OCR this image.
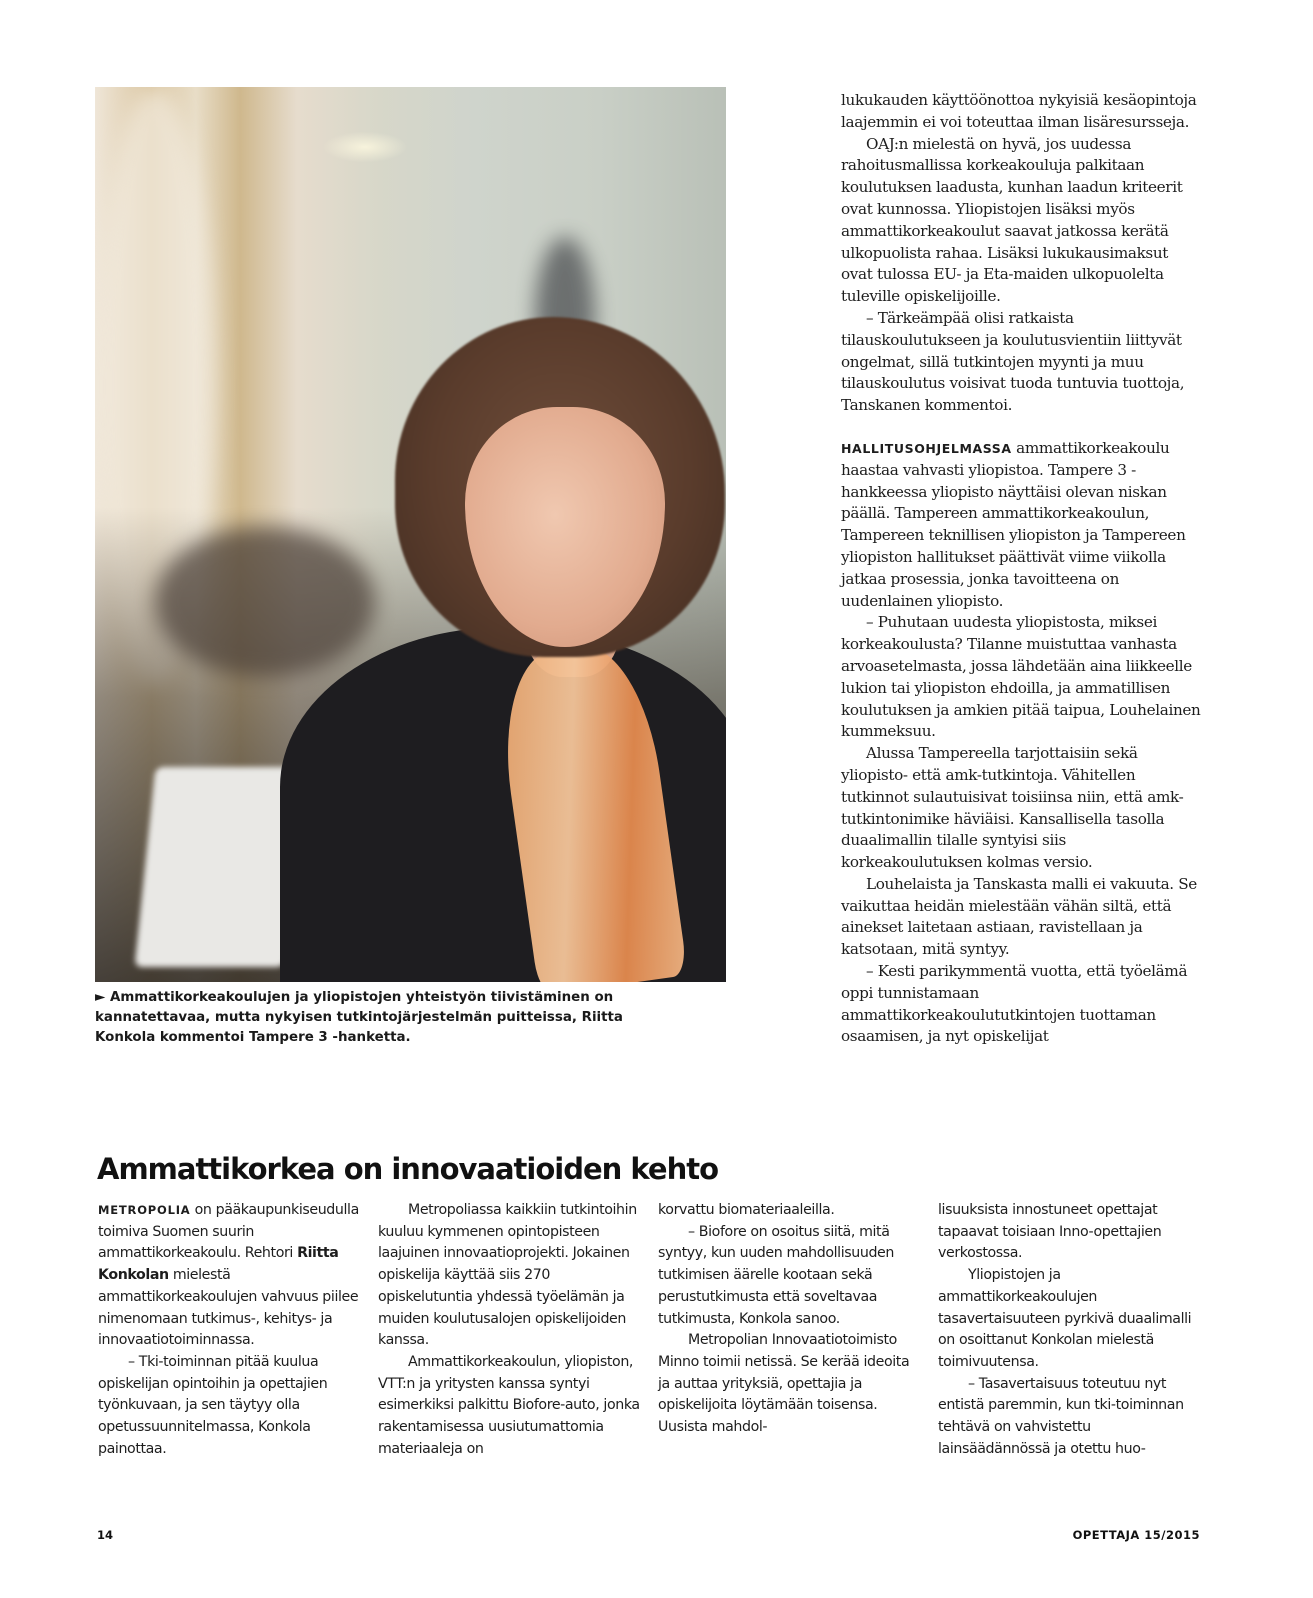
► Ammattikorkeakoulujen ja yliopistojen yhteistyön tiivistäminen on kannatettavaa, mutta nykyisen tutkintojärjestelmän puitteissa, Riitta Konkola kommentoi Tampere 3 -hanketta.

lukukauden käyttöönottoa nykyisiä kesäopintoja laajemmin ei voi toteuttaa ilman lisäresursseja.

OAJ:n mielestä on hyvä, jos uudessa rahoitusmallissa korkeakouluja palkitaan koulutuksen laadusta, kunhan laadun kriteerit ovat kunnossa. Yliopistojen lisäksi myös ammattikorkeakoulut saavat jatkossa kerätä ulkopuolista rahaa. Lisäksi lukukausimaksut ovat tulossa EU- ja Eta-maiden ulkopuolelta tuleville opiskelijoille.

– Tärkeämpää olisi ratkaista tilauskoulutukseen ja koulutusvientiin liittyvät ongelmat, sillä tutkintojen myynti ja muu tilauskoulutus voisivat tuoda tuntuvia tuottoja, Tanskanen kommentoi.

HALLITUSOHJELMASSA ammattikorkeakoulu haastaa vahvasti yliopistoa. Tampere 3 -hankkeessa yliopisto näyttäisi olevan niskan päällä. Tampereen ammattikorkeakoulun, Tampereen teknillisen yliopiston ja Tampereen yliopiston hallitukset päättivät viime viikolla jatkaa prosessia, jonka tavoitteena on uudenlainen yliopisto.

– Puhutaan uudesta yliopistosta, miksei korkeakoulusta? Tilanne muistuttaa vanhasta arvoasetelmasta, jossa lähdetään aina liikkeelle lukion tai yliopiston ehdoilla, ja ammatillisen koulutuksen ja amkien pitää taipua, Louhelainen kummeksuu.

Alussa Tampereella tarjottaisiin sekä yliopisto- että amk-tutkintoja. Vähitellen tutkinnot sulautuisivat toisiinsa niin, että amk-tutkintonimike häviäisi. Kansallisella tasolla duaalimallin tilalle syntyisi siis korkeakoulutuksen kolmas versio.

Louhelaista ja Tanskasta malli ei vakuuta. Se vaikuttaa heidän mielestään vähän siltä, että ainekset laitetaan astiaan, ravistellaan ja katsotaan, mitä syntyy.

– Kesti parikymmentä vuotta, että työelämä oppi tunnistamaan ammattikorkeakoulututkintojen tuottaman osaamisen, ja nyt opiskelijat

Ammattikorkea on innovaatioiden kehto

METROPOLIA on pääkaupunkiseudulla toimiva Suomen suurin ammattikorkeakoulu. Rehtori Riitta Konkolan mielestä ammattikorkeakoulujen vahvuus piilee nimenomaan tutkimus-, kehitys- ja innovaatiotoiminnassa.

– Tki-toiminnan pitää kuulua opiskelijan opintoihin ja opettajien työnkuvaan, ja sen täytyy olla opetussuunnitelmassa, Konkola painottaa.

Metropoliassa kaikkiin tutkintoihin kuuluu kymmenen opintopisteen laajuinen innovaatioprojekti. Jokainen opiskelija käyttää siis 270 opiskelutuntia yhdessä työelämän ja muiden koulutusalojen opiskelijoiden kanssa.

Ammattikorkeakoulun, yliopiston, VTT:n ja yritysten kanssa syntyi esimerkiksi palkittu Biofore-auto, jonka rakentamisessa uusiutumattomia materiaaleja on

korvattu biomateriaaleilla.

– Biofore on osoitus siitä, mitä syntyy, kun uuden mahdollisuuden tutkimisen äärelle kootaan sekä perustutkimusta että soveltavaa tutkimusta, Konkola sanoo.

Metropolian Innovaatiotoimisto Minno toimii netissä. Se kerää ideoita ja auttaa yrityksiä, opettajia ja opiskelijoita löytämään toisensa. Uusista mahdol-

lisuuksista innostuneet opettajat tapaavat toisiaan Inno-opettajien verkostossa.

Yliopistojen ja ammattikorkeakoulujen tasavertaisuuteen pyrkivä duaalimalli on osoittanut Konkolan mielestä toimivuutensa.

– Tasavertaisuus toteutuu nyt entistä paremmin, kun tki-toiminnan tehtävä on vahvistettu lainsäädännössä ja otettu huo-

14	OPETTAJA 15/2015
